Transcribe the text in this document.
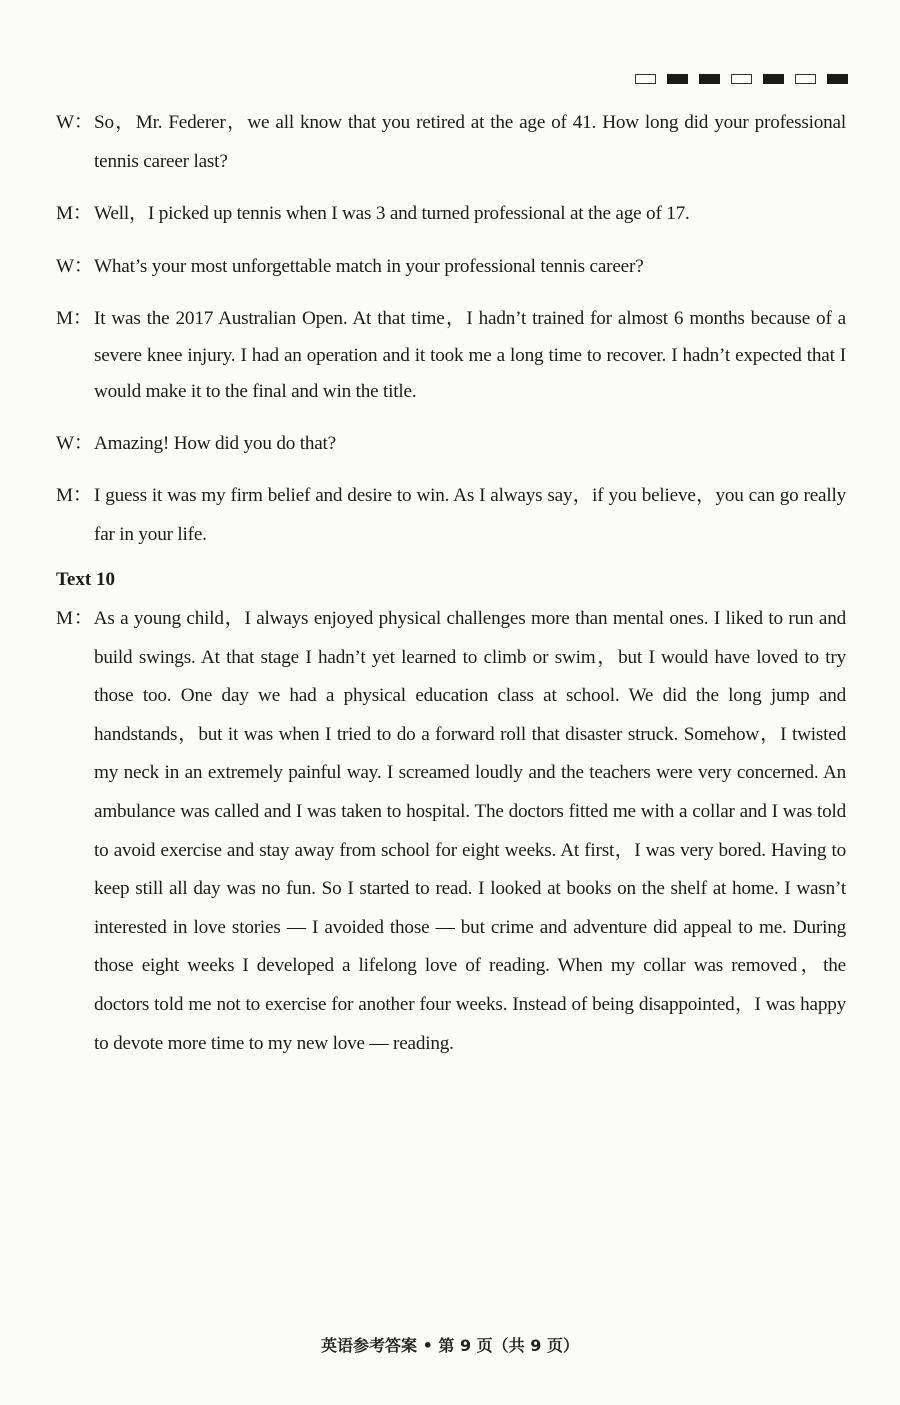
W： So，Mr. Federer，we all know that you retired at the age of 41. How long did your professional tennis career last?
M： Well，I picked up tennis when I was 3 and turned professional at the age of 17.
W： What’s your most unforgettable match in your professional tennis career?
M： It was the 2017 Australian Open. At that time，I hadn’t trained for almost 6 months because of a severe knee injury. I had an operation and it took me a long time to recover. I hadn’t expected that I would make it to the final and win the title.
W： Amazing! How did you do that?
M： I guess it was my firm belief and desire to win. As I always say，if you believe，you can go really far in your life.
Text 10
M：As a young child，I always enjoyed physical challenges more than mental ones. I liked to run and build swings. At that stage I hadn’t yet learned to climb or swim，but I would have loved to try those too. One day we had a physical education class at school. We did the long jump and handstands，but it was when I tried to do a forward roll that disaster struck. Somehow，I twisted my neck in an extremely painful way. I screamed loudly and the teachers were very concerned. An ambulance was called and I was taken to hospital. The doctors fitted me with a collar and I was told to avoid exercise and stay away from school for eight weeks. At first，I was very bored. Having to keep still all day was no fun. So I started to read. I looked at books on the shelf at home. I wasn’t interested in love stories — I avoided those — but crime and adventure did appeal to me. During those eight weeks I developed a lifelong love of reading. When my collar was removed，the doctors told me not to exercise for another four weeks. Instead of being disappointed，I was happy to devote more time to my new love — reading.
英语参考答案 • 第 9 页（共 9 页）
